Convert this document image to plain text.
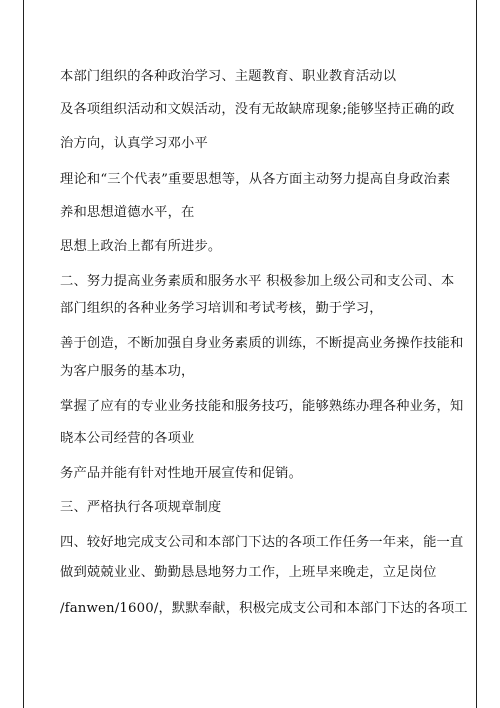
本部门组织的各种政治学习、主题教育、职业教育活动以
及各项组织活动和文娱活动，没有无故缺席现象;能够坚持正确的政
治方向，认真学习邓小平
理论和“三个代表”重要思想等，从各方面主动努力提高自身政治素
养和思想道德水平，在
思想上政治上都有所进步。
二、努力提高业务素质和服务水平 积极参加上级公司和支公司、本
部门组织的各种业务学习培训和考试考核，勤于学习，
善于创造，不断加强自身业务素质的训练，不断提高业务操作技能和
为客户服务的基本功，
掌握了应有的专业业务技能和服务技巧，能够熟练办理各种业务，知
晓本公司经营的各项业
务产品并能有针对性地开展宣传和促销。
三、严格执行各项规章制度
四、较好地完成支公司和本部门下达的各项工作任务一年来，能一直
做到兢兢业业、勤勤恳恳地努力工作，上班早来晚走，立足岗位
/fanwen/1600/，默默奉献，积极完成支公司和本部门下达的各项工
